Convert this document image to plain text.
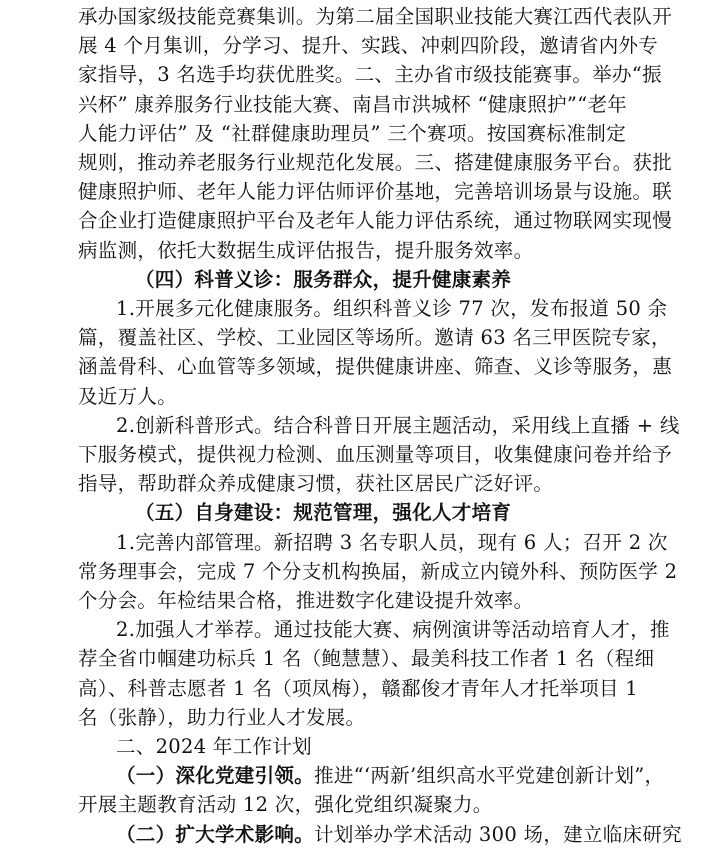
承办国家级技能竞赛集训。为第二届全国职业技能大赛江西代表队开
展 4 个月集训，分学习、提升、实践、冲刺四阶段，邀请省内外专
家指导，3 名选手均获优胜奖。二、主办省市级技能赛事。举办“振
兴杯” 康养服务行业技能大赛、南昌市洪城杯 “健康照护”“老年
人能力评估” 及 “社群健康助理员” 三个赛项。按国赛标准制定
规则，推动养老服务行业规范化发展。三、搭建健康服务平台。获批
健康照护师、老年人能力评估师评价基地，完善培训场景与设施。联
合企业打造健康照护平台及老年人能力评估系统，通过物联网实现慢
病监测，依托大数据生成评估报告，提升服务效率。
（四）科普义诊：服务群众，提升健康素养
1.开展多元化健康服务。组织科普义诊 77 次，发布报道 50 余
篇，覆盖社区、学校、工业园区等场所。邀请 63 名三甲医院专家，
涵盖骨科、心血管等多领域，提供健康讲座、筛查、义诊等服务，惠
及近万人。
2.创新科普形式。结合科普日开展主题活动，采用线上直播 + 线
下服务模式，提供视力检测、血压测量等项目，收集健康问卷并给予
指导，帮助群众养成健康习惯，获社区居民广泛好评。
（五）自身建设：规范管理，强化人才培育
1.完善内部管理。新招聘 3 名专职人员，现有 6 人；召开 2 次
常务理事会，完成 7 个分支机构换届，新成立内镜外科、预防医学 2
个分会。年检结果合格，推进数字化建设提升效率。
2.加强人才举荐。通过技能大赛、病例演讲等活动培育人才，推
荐全省巾帼建功标兵 1 名（鲍慧慧）、最美科技工作者 1 名（程细
高）、科普志愿者 1 名（项凤梅），赣鄱俊才青年人才托举项目 1
名（张静），助力行业人才发展。
二、2024 年工作计划
（一）深化党建引领。推进“‘两新’组织高水平党建创新计划”，
开展主题教育活动 12 次，强化党组织凝聚力。
（二）扩大学术影响。计划举办学术活动 300 场，建立临床研究
